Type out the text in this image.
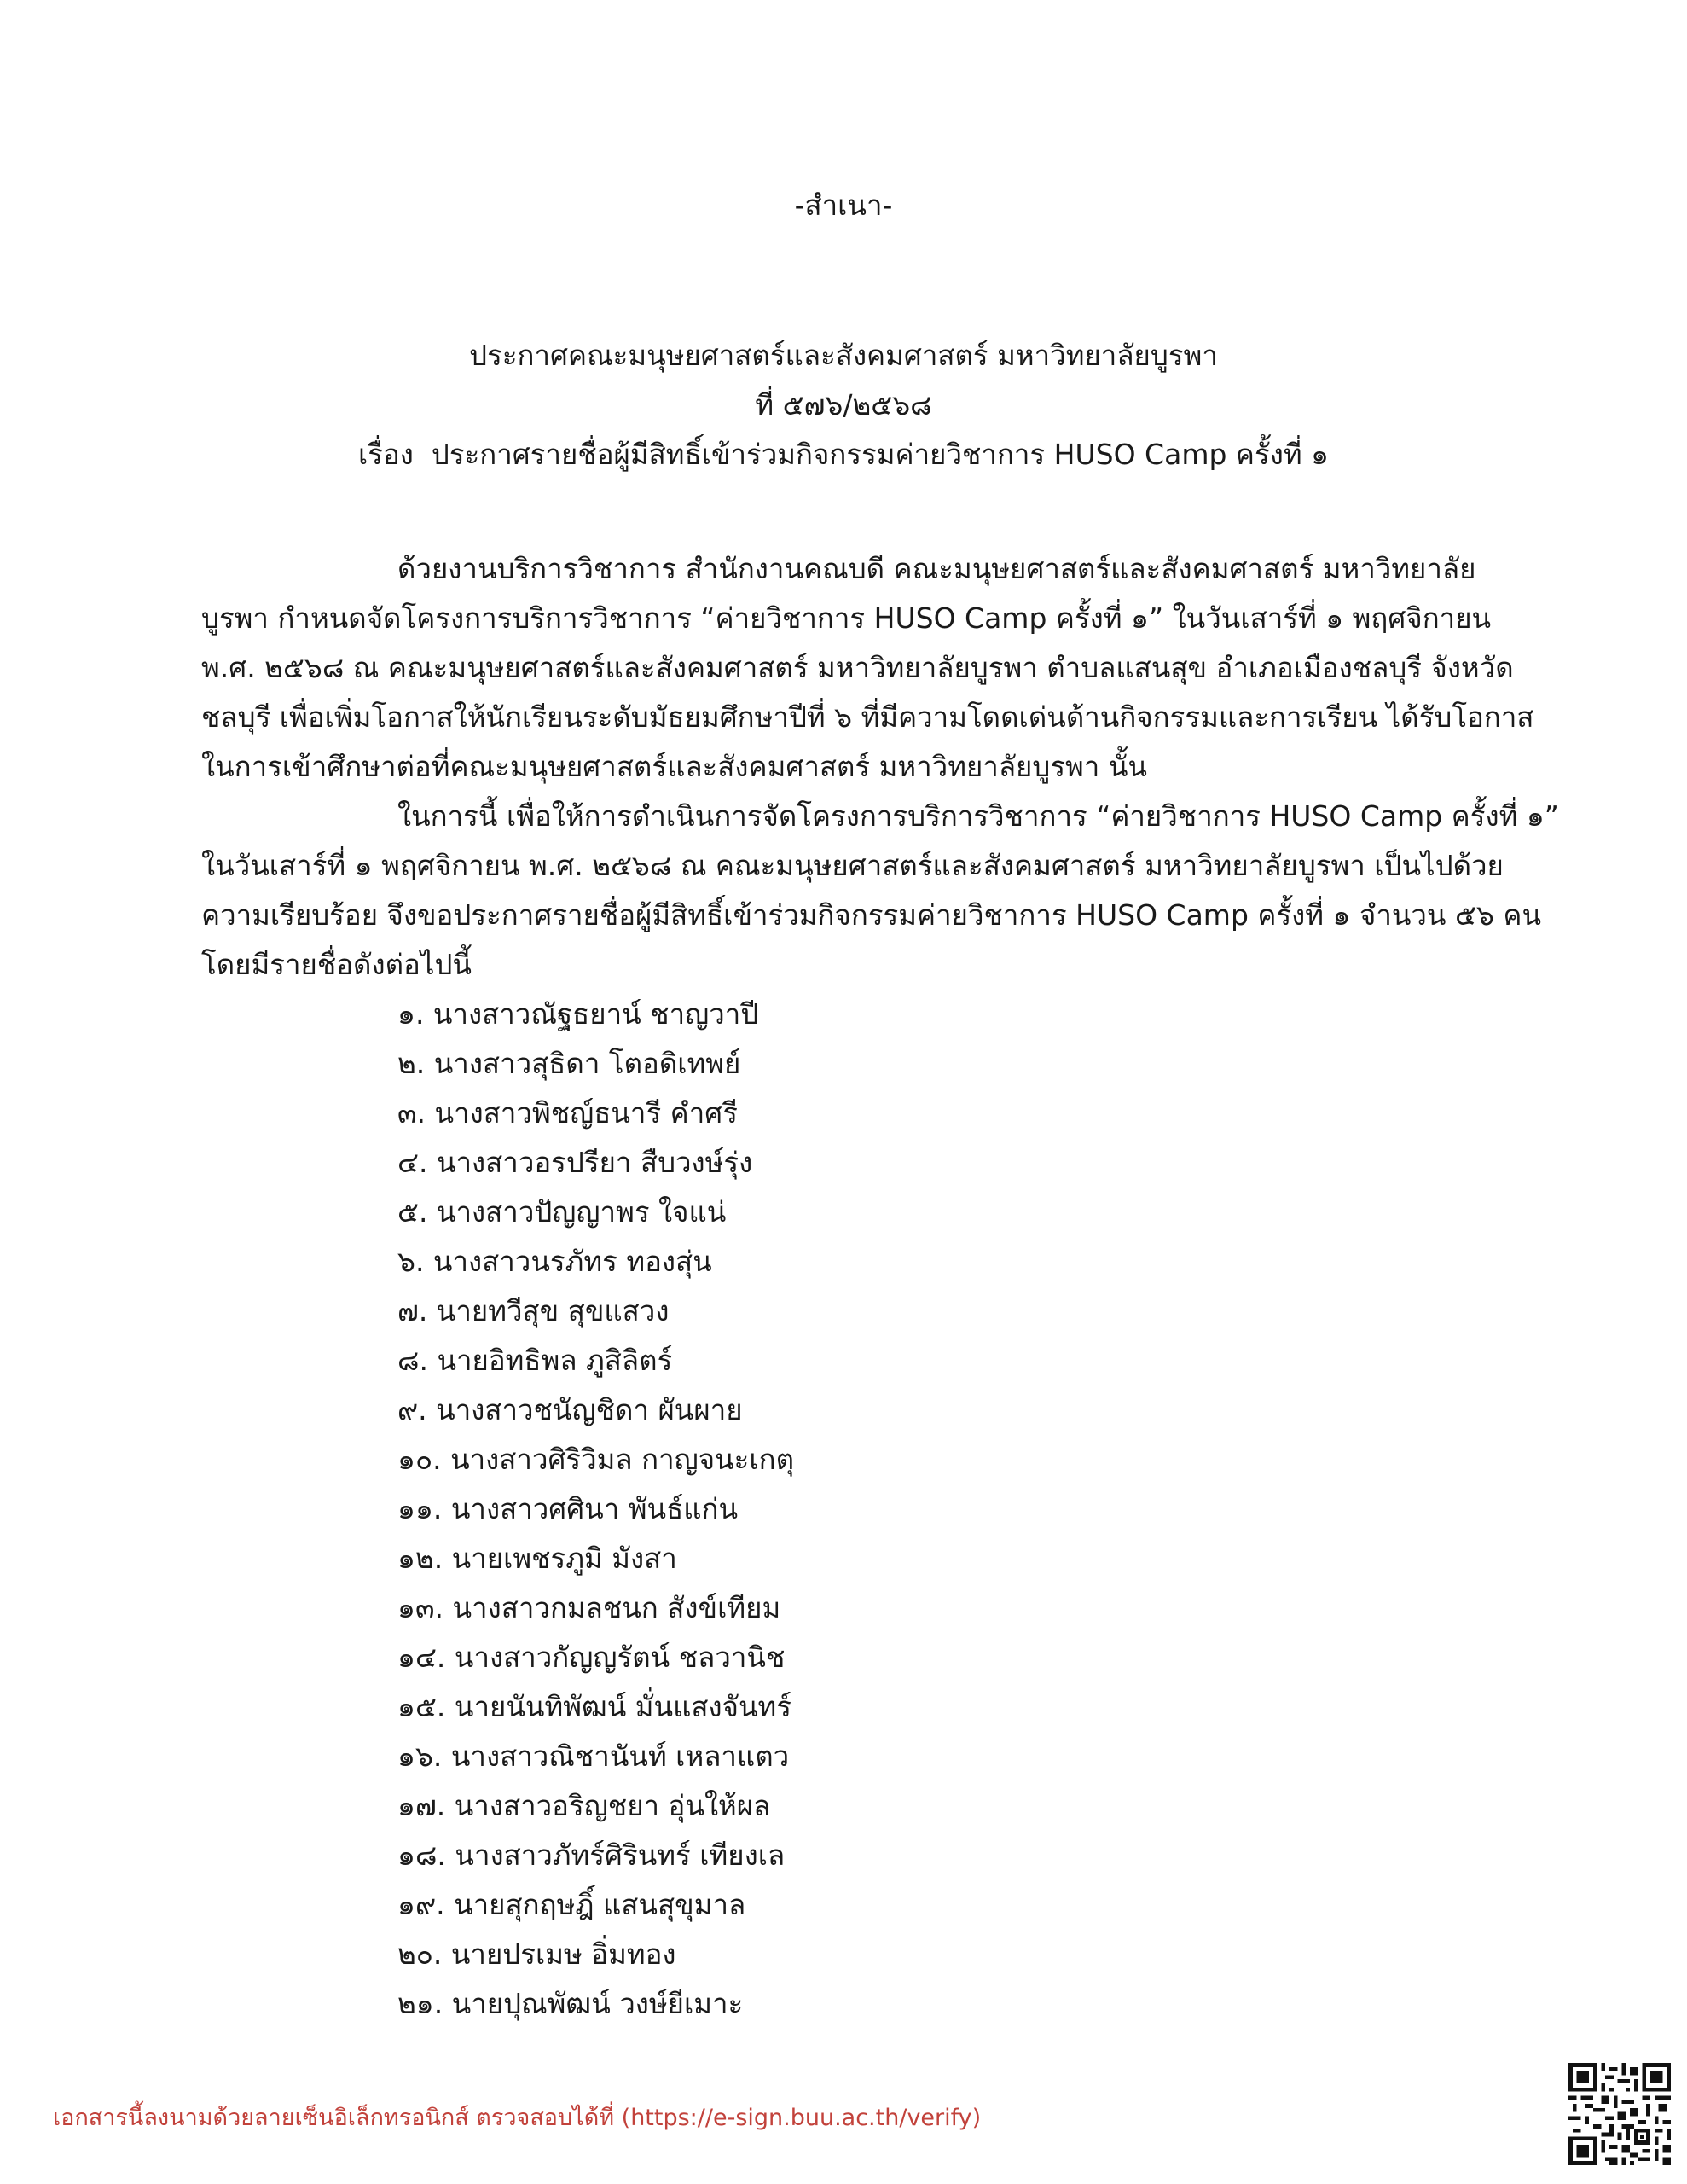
-สำเนา-
ประกาศคณะมนุษยศาสตร์และสังคมศาสตร์ มหาวิทยาลัยบูรพา
ที่ ๕๗๖/๒๕๖๘
เรื่อง ประกาศรายชื่อผู้มีสิทธิ์เข้าร่วมกิจกรรมค่ายวิชาการ HUSO Camp ครั้งที่ ๑
ด้วยงานบริการวิชาการ สำนักงานคณบดี คณะมนุษยศาสตร์และสังคมศาสตร์ มหาวิทยาลัย
บูรพา กำหนดจัดโครงการบริการวิชาการ “ค่ายวิชาการ HUSO Camp ครั้งที่ ๑” ในวันเสาร์ที่ ๑ พฤศจิกายน
พ.ศ. ๒๕๖๘ ณ คณะมนุษยศาสตร์และสังคมศาสตร์ มหาวิทยาลัยบูรพา ตำบลแสนสุข อำเภอเมืองชลบุรี จังหวัด
ชลบุรี เพื่อเพิ่มโอกาสให้นักเรียนระดับมัธยมศึกษาปีที่ ๖ ที่มีความโดดเด่นด้านกิจกรรมและการเรียน ได้รับโอกาส
ในการเข้าศึกษาต่อที่คณะมนุษยศาสตร์และสังคมศาสตร์ มหาวิทยาลัยบูรพา นั้น
ในการนี้ เพื่อให้การดำเนินการจัดโครงการบริการวิชาการ “ค่ายวิชาการ HUSO Camp ครั้งที่ ๑”
ในวันเสาร์ที่ ๑ พฤศจิกายน พ.ศ. ๒๕๖๘ ณ คณะมนุษยศาสตร์และสังคมศาสตร์ มหาวิทยาลัยบูรพา เป็นไปด้วย
ความเรียบร้อย จึงขอประกาศรายชื่อผู้มีสิทธิ์เข้าร่วมกิจกรรมค่ายวิชาการ HUSO Camp ครั้งที่ ๑ จำนวน ๕๖ คน
โดยมีรายชื่อดังต่อไปนี้
๑. นางสาวณัฐธยาน์ ชาญวาปี
๒. นางสาวสุธิดา โตอดิเทพย์
๓. นางสาวพิชญ์ธนารี คำศรี
๔. นางสาวอรปรียา สืบวงษ์รุ่ง
๕. นางสาวปัญญาพร ใจแน่
๖. นางสาวนรภัทร ทองสุ่น
๗. นายทวีสุข สุขแสวง
๘. นายอิทธิพล ภูสิลิตร์
๙. นางสาวชนัญชิดา ผันผาย
๑๐. นางสาวศิริวิมล กาญจนะเกตุ
๑๑. นางสาวศศินา พันธ์แก่น
๑๒. นายเพชรภูมิ มังสา
๑๓. นางสาวกมลชนก สังข์เทียม
๑๔. นางสาวกัญญรัตน์ ชลวานิช
๑๕. นายนันทิพัฒน์ มั่นแสงจันทร์
๑๖. นางสาวณิชานันท์ เหลาแตว
๑๗. นางสาวอริญชยา อุ่นให้ผล
๑๘. นางสาวภัทร์ศิรินทร์ เทียงเล
๑๙. นายสุกฤษฎิ์ แสนสุขุมาล
๒๐. นายปรเมษ อิ่มทอง
๒๑. นายปุณพัฒน์ วงษ์ยีเมาะ
เอกสารนี้ลงนามด้วยลายเซ็นอิเล็กทรอนิกส์ ตรวจสอบได้ที่ (https://e-sign.buu.ac.th/verify)
